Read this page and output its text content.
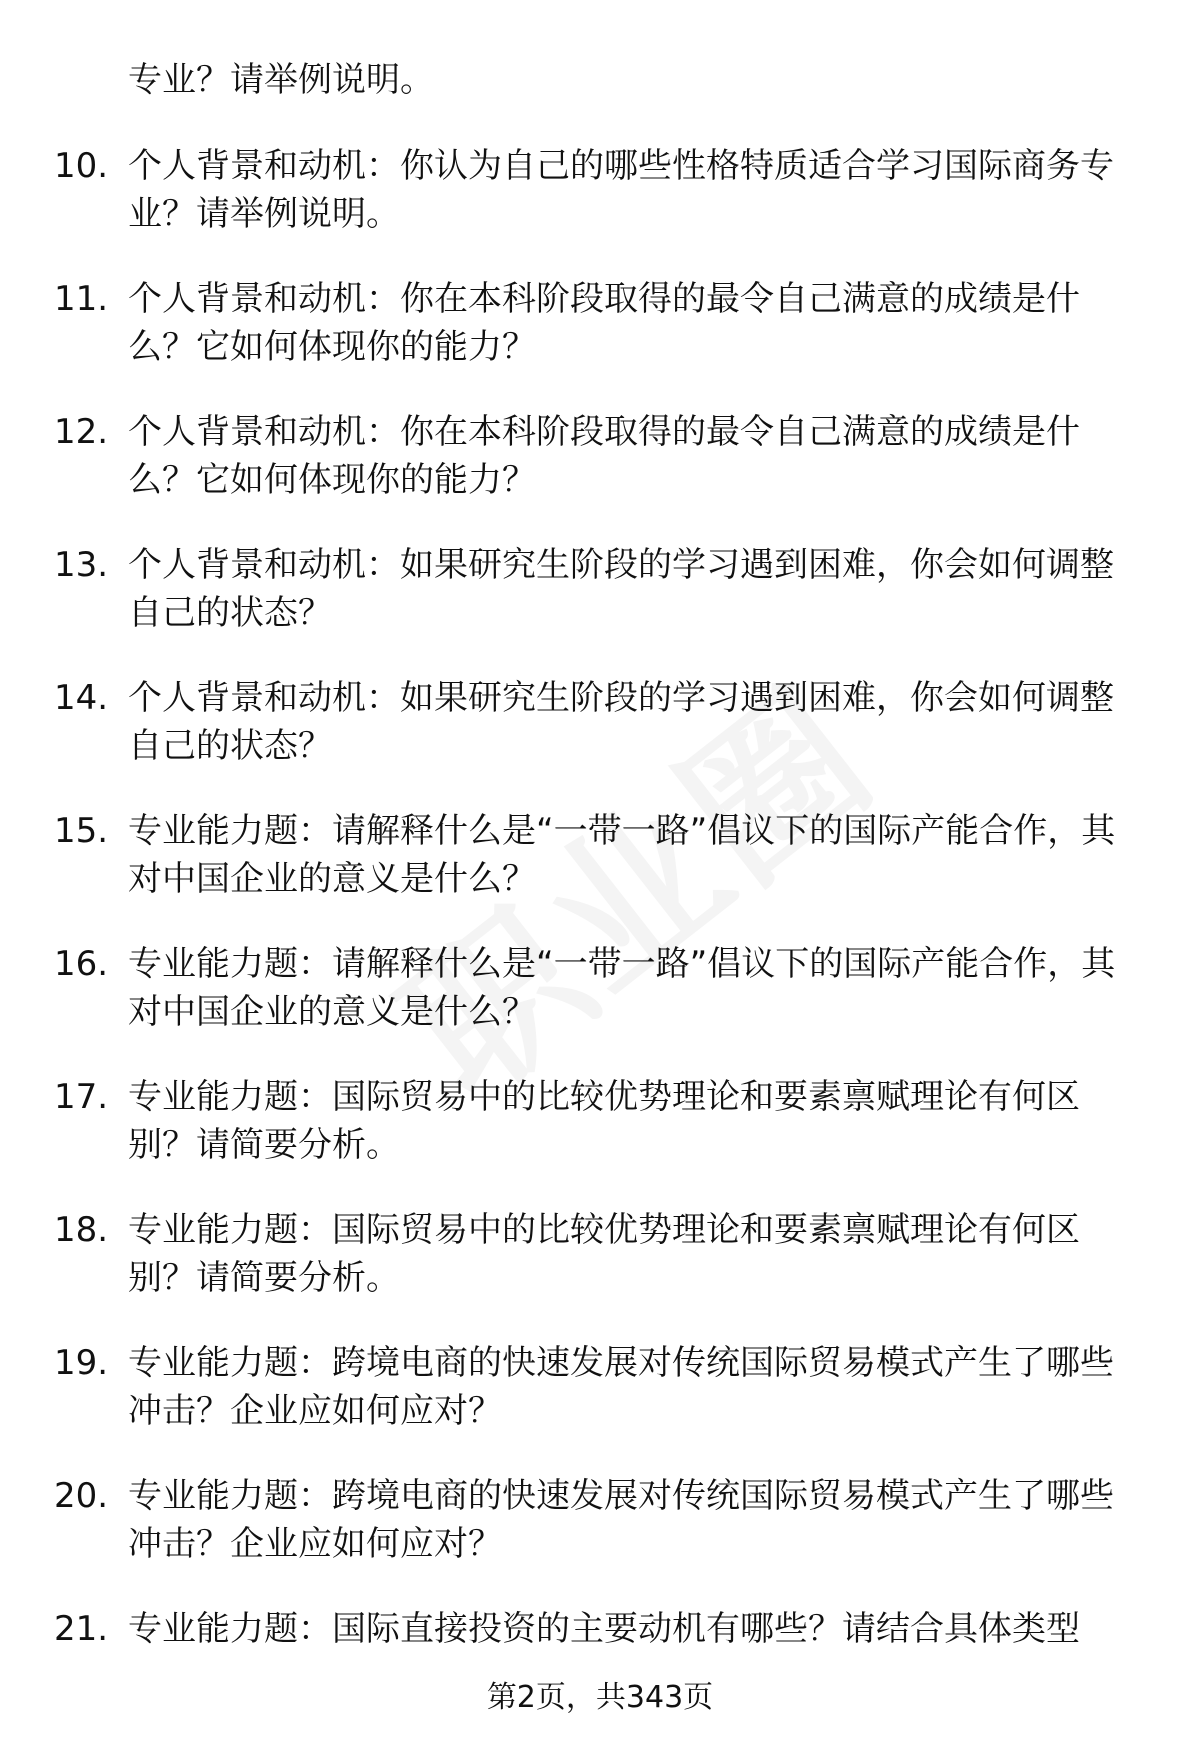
专业？请举例说明。
10. 个人背景和动机：你认为自己的哪些性格特质适合学习国际商务专业？请举例说明。
11. 个人背景和动机：你在本科阶段取得的最令自己满意的成绩是什么？它如何体现你的能力？
12. 个人背景和动机：你在本科阶段取得的最令自己满意的成绩是什么？它如何体现你的能力？
13. 个人背景和动机：如果研究生阶段的学习遇到困难，你会如何调整自己的状态？
14. 个人背景和动机：如果研究生阶段的学习遇到困难，你会如何调整自己的状态？
15. 专业能力题：请解释什么是“一带一路”倡议下的国际产能合作，其对中国企业的意义是什么？
16. 专业能力题：请解释什么是“一带一路”倡议下的国际产能合作，其对中国企业的意义是什么？
17. 专业能力题：国际贸易中的比较优势理论和要素禀赋理论有何区别？请简要分析。
18. 专业能力题：国际贸易中的比较优势理论和要素禀赋理论有何区别？请简要分析。
19. 专业能力题：跨境电商的快速发展对传统国际贸易模式产生了哪些冲击？企业应如何应对？
20. 专业能力题：跨境电商的快速发展对传统国际贸易模式产生了哪些冲击？企业应如何应对？
21. 专业能力题：国际直接投资的主要动机有哪些？请结合具体类型
第2页，共343页
